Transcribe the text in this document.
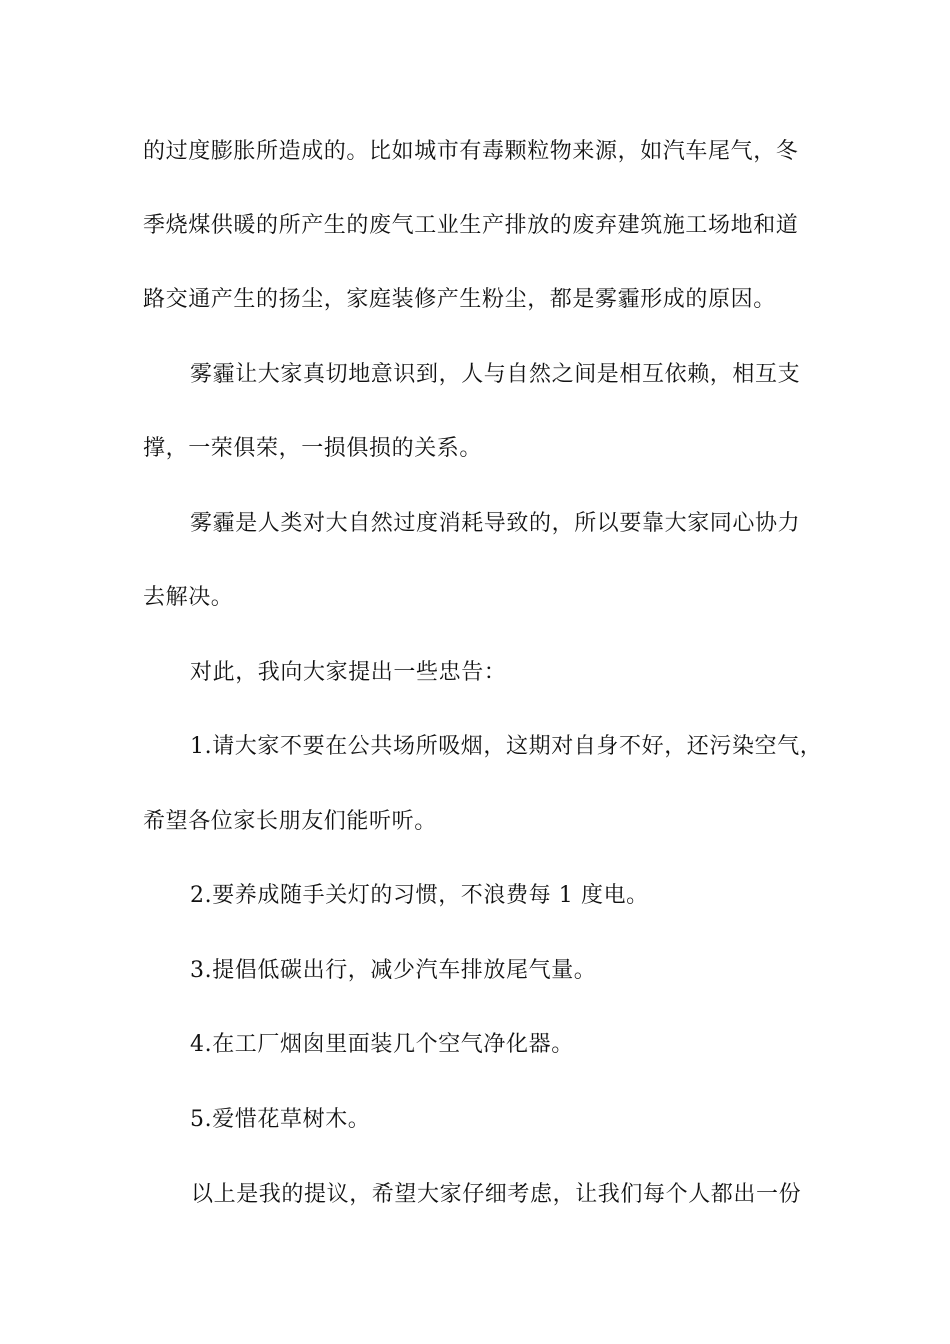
的过度膨胀所造成的。比如城市有毒颗粒物来源，如汽车尾气，冬
季烧煤供暖的所产生的废气工业生产排放的废弃建筑施工场地和道
路交通产生的扬尘，家庭装修产生粉尘，都是雾霾形成的原因。
雾霾让大家真切地意识到，人与自然之间是相互依赖，相互支
撑，一荣俱荣，一损俱损的关系。
雾霾是人类对大自然过度消耗导致的，所以要靠大家同心协力
去解决。
对此，我向大家提出一些忠告：
1.请大家不要在公共场所吸烟，这期对自身不好，还污染空气，
希望各位家长朋友们能听听。
2.要养成随手关灯的习惯，不浪费每 1 度电。
3.提倡低碳出行，减少汽车排放尾气量。
4.在工厂烟囱里面装几个空气净化器。
5.爱惜花草树木。
以上是我的提议，希望大家仔细考虑，让我们每个人都出一份
